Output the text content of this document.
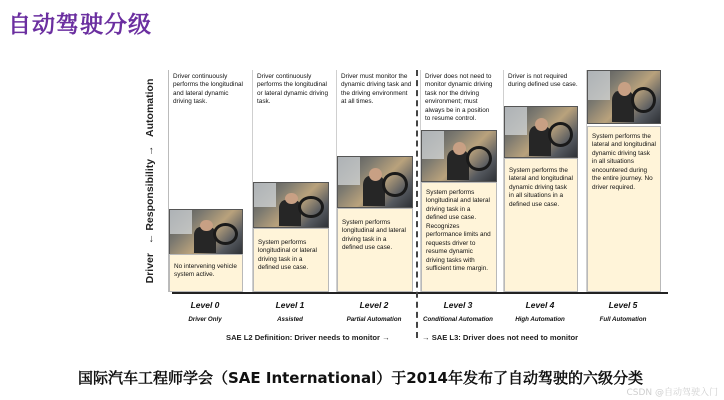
自动驾驶分级
Driver ← Responsibility → Automation
Driver continuously performs the longitudinal and lateral dynamic driving task.
No intervening vehicle system active.
Driver continuously performs the longitudinal or lateral dynamic driving task.
System performs longitudinal or lateral driving task in a defined use case.
Driver must monitor the dynamic driving task and the driving environment at all times.
System performs longitudinal and lateral driving task in a defined use case.
Driver does not need to monitor dynamic driving task nor the driving environment; must always be in a position to resume control.
System performs longitudinal and lateral driving task in a defined use case. Recognizes performance limits and requests driver to resume dynamic driving tasks with sufficient time margin.
Driver is not required during defined use case.
System performs the lateral and longitudinal dynamic driving task in all situations in a defined use case.
System performs the lateral and longitudinal dynamic driving task in all situations encountered during the entire journey. No driver required.
Level 0
Driver Only
Level 1
Assisted
Level 2
Partial Automation
Level 3
Conditional Automation
Level 4
High Automation
Level 5
Full Automation
SAE L2 Definition: Driver needs to monitor →	→ SAE L3: Driver does not need to monitor
国际汽车工程师学会（SAE International）于2014年发布了自动驾驶的六级分类
CSDN @自动驾驶入门
